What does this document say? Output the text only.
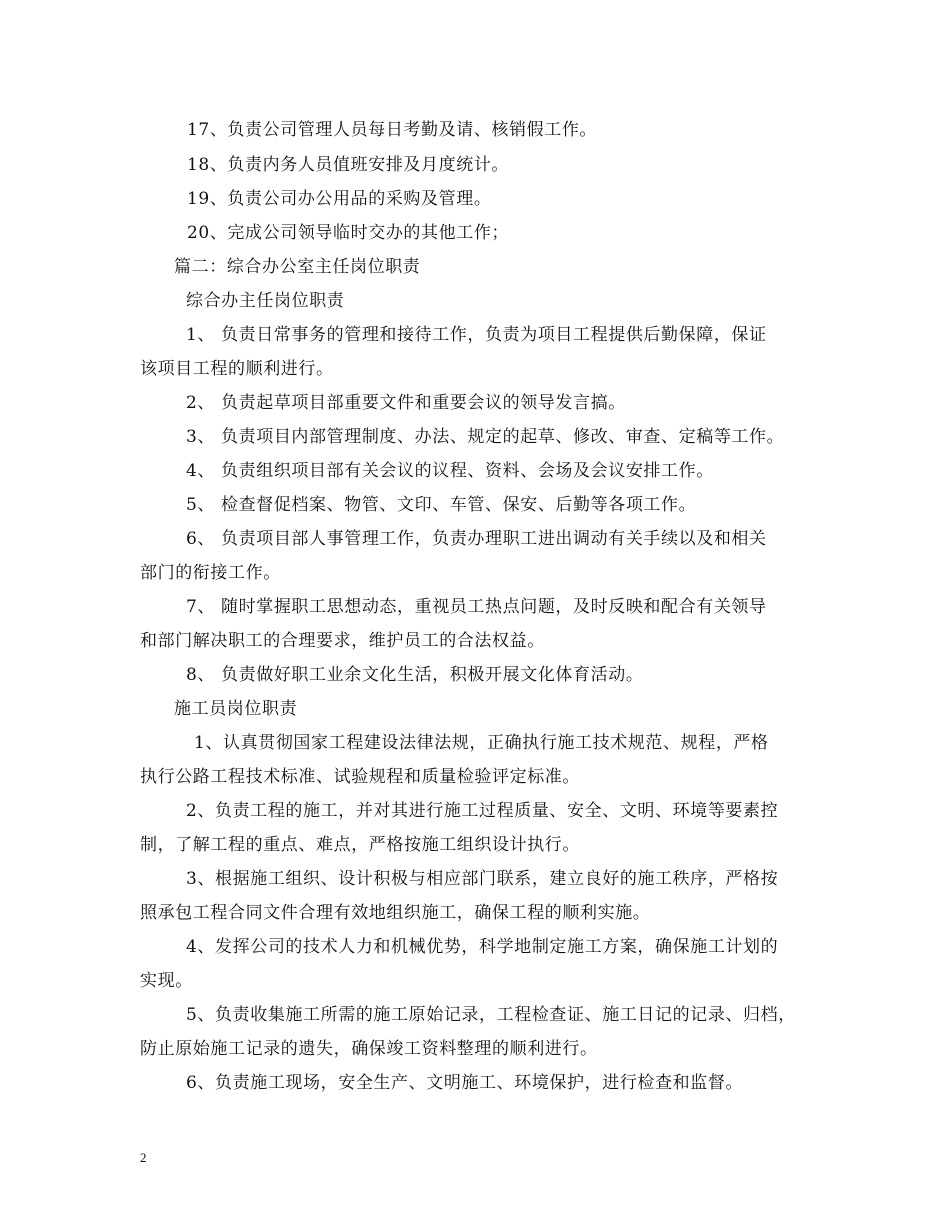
17、负责公司管理人员每日考勤及请、核销假工作。
18、负责内务人员值班安排及月度统计。
19、负责公司办公用品的采购及管理。
20、完成公司领导临时交办的其他工作；
篇二：综合办公室主任岗位职责
综合办主任岗位职责
1、 负责日常事务的管理和接待工作，负责为项目工程提供后勤保障，保证
该项目工程的顺利进行。
2、 负责起草项目部重要文件和重要会议的领导发言搞。
3、 负责项目内部管理制度、办法、规定的起草、修改、审查、定稿等工作。
4、 负责组织项目部有关会议的议程、资料、会场及会议安排工作。
5、 检查督促档案、物管、文印、车管、保安、后勤等各项工作。
6、 负责项目部人事管理工作，负责办理职工进出调动有关手续以及和相关
部门的衔接工作。
7、 随时掌握职工思想动态，重视员工热点问题，及时反映和配合有关领导
和部门解决职工的合理要求，维护员工的合法权益。
8、 负责做好职工业余文化生活，积极开展文化体育活动。
施工员岗位职责
1、认真贯彻国家工程建设法律法规，正确执行施工技术规范、规程，严格
执行公路工程技术标准、试验规程和质量检验评定标准。
2、负责工程的施工，并对其进行施工过程质量、安全、文明、环境等要素控
制，了解工程的重点、难点，严格按施工组织设计执行。
3、根据施工组织、设计积极与相应部门联系，建立良好的施工秩序，严格按
照承包工程合同文件合理有效地组织施工，确保工程的顺利实施。
4、发挥公司的技术人力和机械优势，科学地制定施工方案，确保施工计划的
实现。
5、负责收集施工所需的施工原始记录，工程检查证、施工日记的记录、归档，
防止原始施工记录的遗失，确保竣工资料整理的顺利进行。
6、负责施工现场，安全生产、文明施工、环境保护，进行检查和监督。
2
